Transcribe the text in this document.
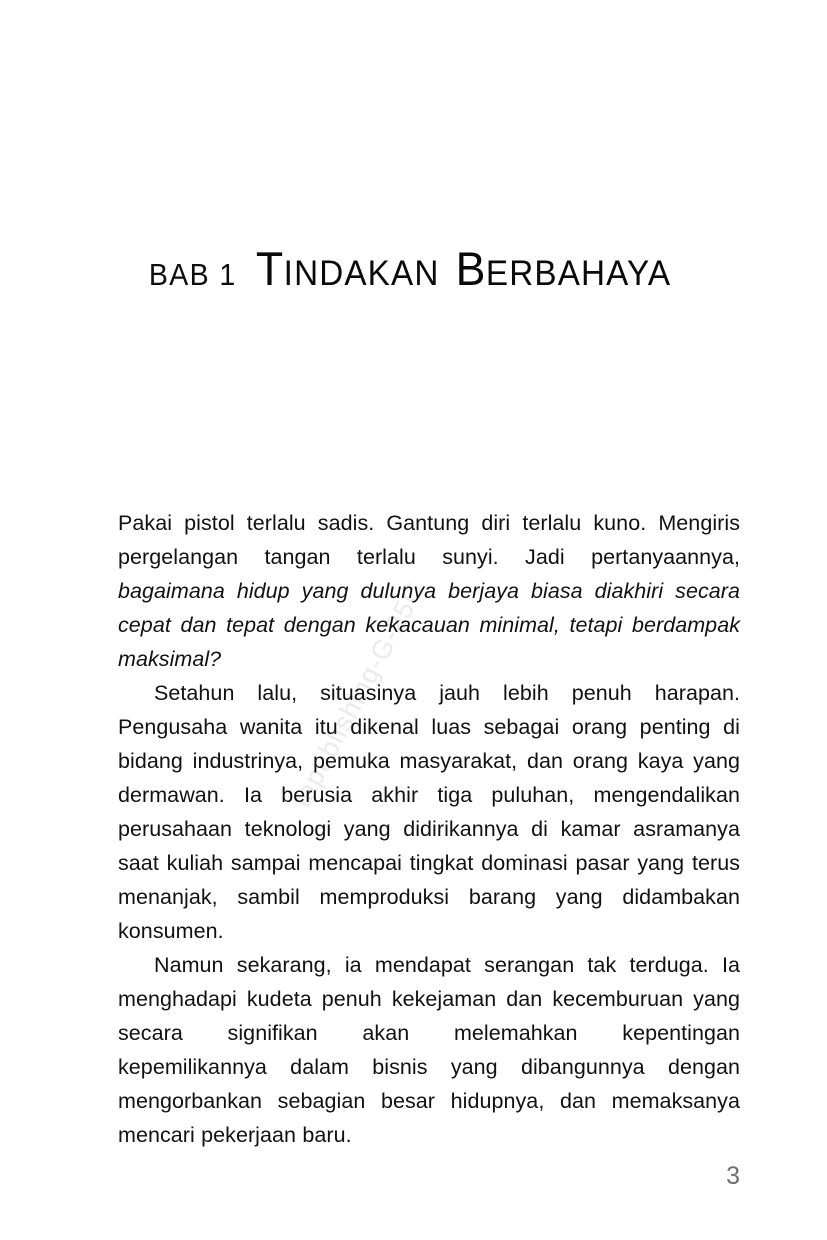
tapublishing-G-25C
BAB 1 TINDAKAN BERBAHAYA

Pakai pistol terlalu sadis. Gantung diri terlalu kuno. Mengiris pergelangan tangan terlalu sunyi. Jadi pertanyaannya, bagaimana hidup yang dulunya berjaya biasa diakhiri secara cepat dan tepat dengan kekacauan minimal, tetapi berdampak maksimal?

Setahun lalu, situasinya jauh lebih penuh harapan. Pengusaha wanita itu dikenal luas sebagai orang penting di bidang industrinya, pemuka masyarakat, dan orang kaya yang dermawan. Ia berusia akhir tiga puluhan, mengendalikan perusahaan teknologi yang didirikannya di kamar asramanya saat kuliah sampai mencapai tingkat dominasi pasar yang terus menanjak, sambil memproduksi barang yang didambakan konsumen.

Namun sekarang, ia mendapat serangan tak terduga. Ia menghadapi kudeta penuh kekejaman dan kecemburuan yang secara signifikan akan melemahkan kepentingan kepemilikannya dalam bisnis yang dibangunnya dengan mengorbankan sebagian besar hidupnya, dan memaksanya mencari pekerjaan baru.

3
